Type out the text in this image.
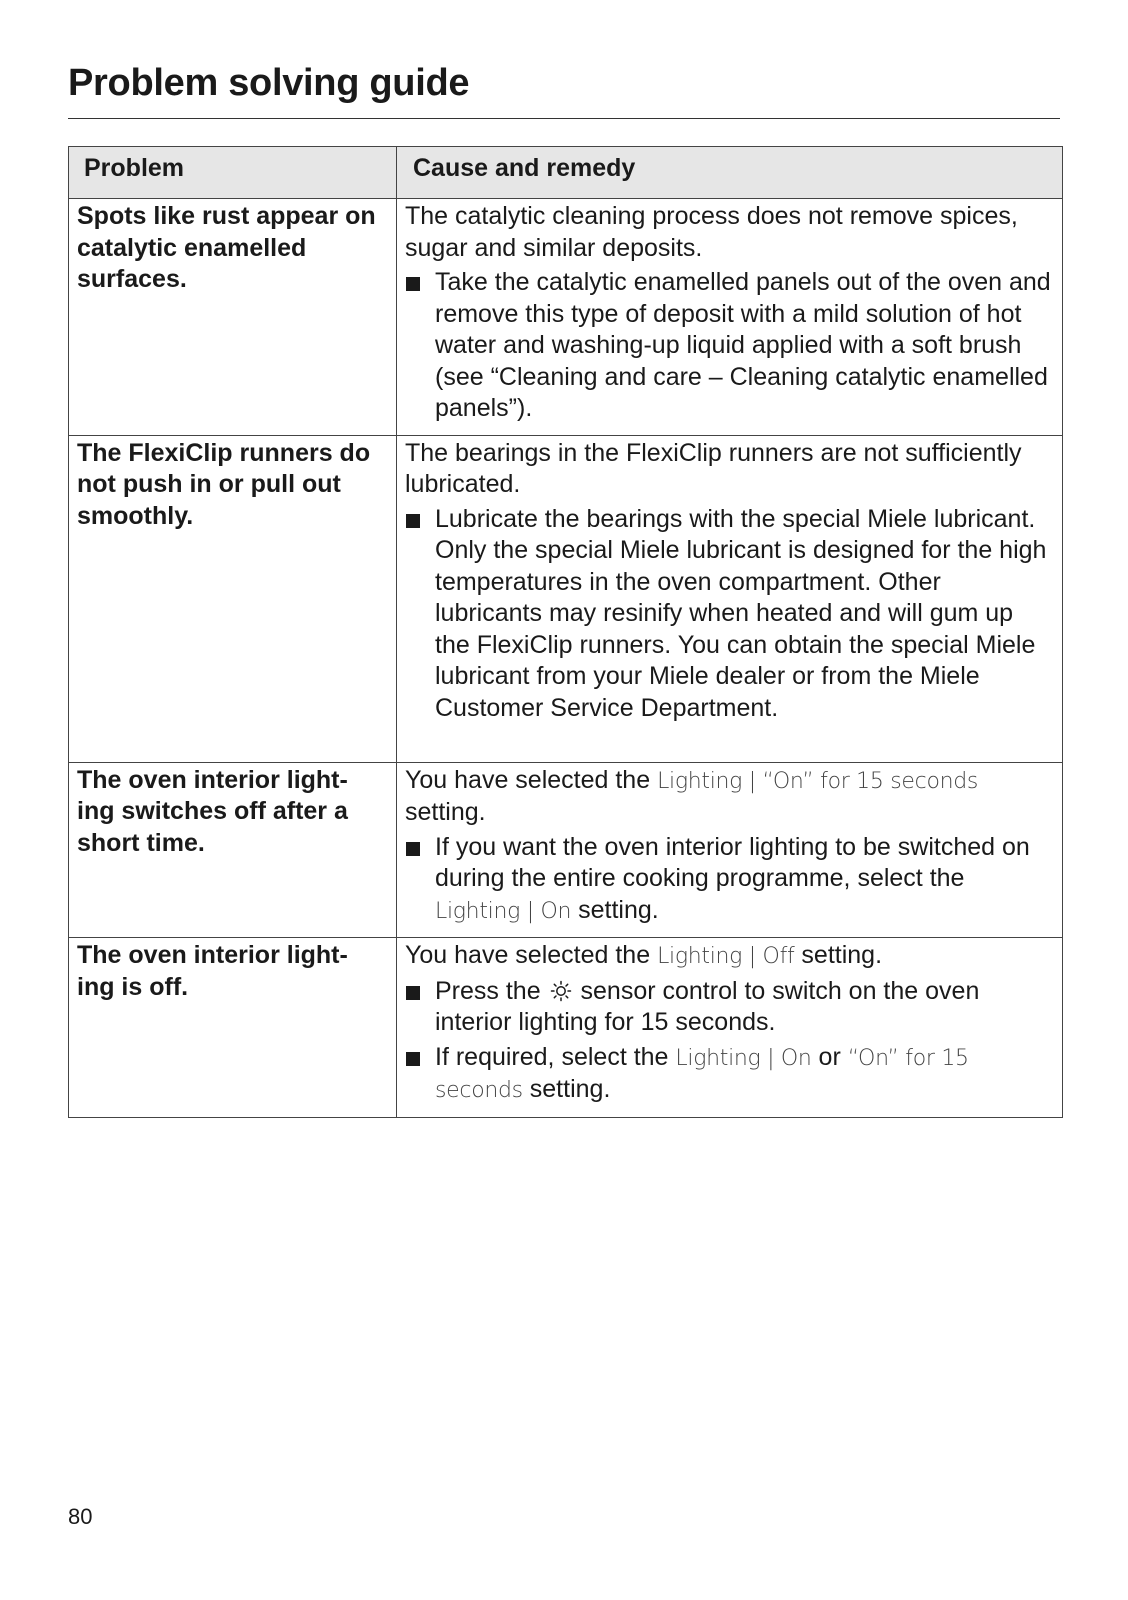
Problem solving guide
Problem	Cause and remedy
Spots like rust appear on catalytic enamelled surfaces.	The catalytic cleaning process does not remove spices, sugar and similar deposits.

Take the catalytic enamelled panels out of the oven and remove this type of deposit with a mild solution of hot water and washing-up liquid applied with a soft brush (see “Cleaning and care – Cleaning catalytic enamelled panels”).

The FlexiClip runners do not push in or pull out smoothly.	The bearings in the FlexiClip runners are not sufficiently lubricated.

Lubricate the bearings with the special Miele lubricant.
Only the special Miele lubricant is designed for the high temperatures in the oven compartment. Other lubricants may resinify when heated and will gum up the FlexiClip runners. You can obtain the special Miele lubricant from your Miele dealer or from the Miele Customer Service Department.

The oven interior light- ing switches off after a short time.	You have selected the Lighting | “On” for 15 seconds setting.

If you want the oven interior lighting to be switched on during the entire cooking programme, select the Lighting | On setting.

The oven interior light- ing is off.	You have selected the Lighting | Off setting.

Press the sensor control to switch on the oven interior lighting for 15 seconds.
If required, select the Lighting | On or “On” for 15 seconds setting.
80
